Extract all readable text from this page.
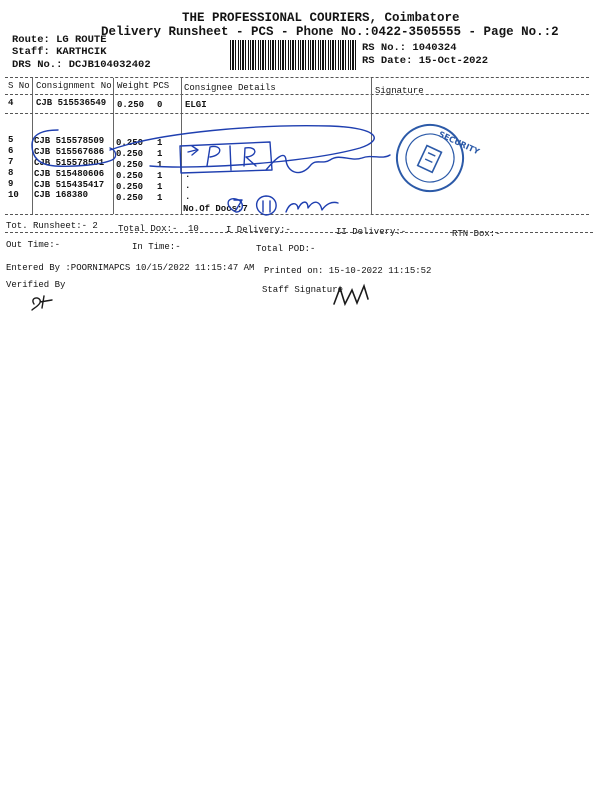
THE PROFESSIONAL COURIERS, Coimbatore
Delivery Runsheet - PCS - Phone No.:0422-3505555 - Page No.:2
Route: LG ROUTE
Staff: KARTHCIK
DRS No.: DCJB104032402
RS No.: 1040324
RS Date: 15-Oct-2022
S No Consignment No Weight PCS Consignee Details	Signature
4	CJB 515536549 0.250 0	ELGI
5 CJB 515578509 0.250 1
6 CJB 515567686 0.250 1
7 CJB 515578501 0.250 1
8 CJB 515480606 0.250 1	.
9 CJB 515435417 0.250 1	.
10 CJB 168380	0.250 1	.
No.Of Docs:7
Tot. Runsheet:- 2 Total Dox:- 10	I Delivery:-	II Delivery:-	RTN Dox:-
Out Time:-	In Time:-	Total POD:-
Entered By :POORNIMAPCS 10/15/2022 11:15:47 AM Printed on: 15-10-2022 11:15:52
Verified By	Staff Signature
SECURITY
